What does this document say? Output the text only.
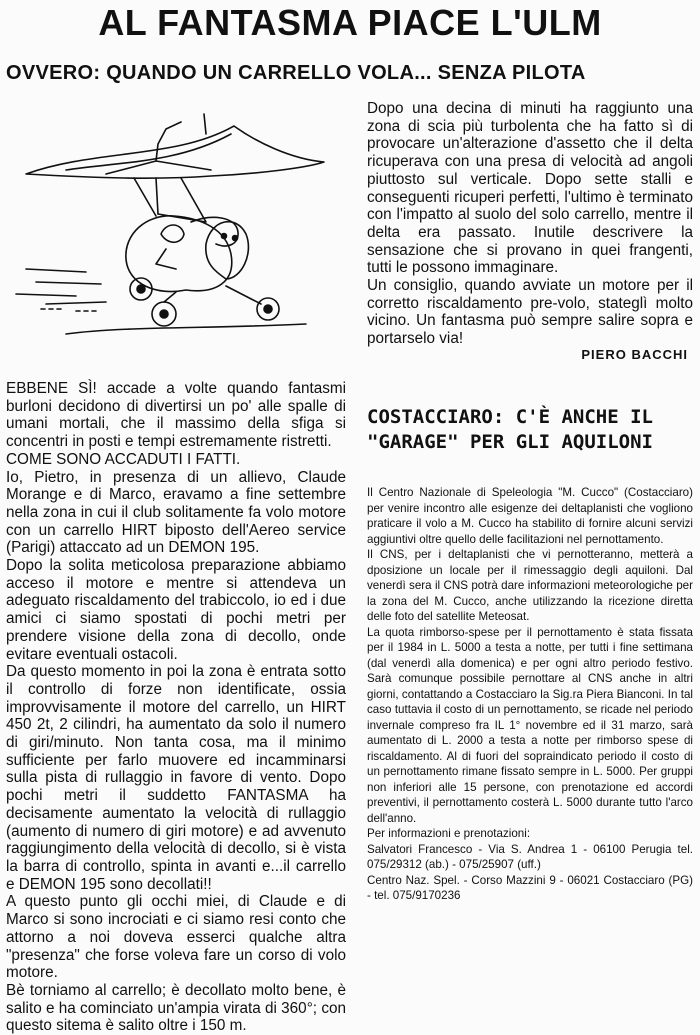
AL FANTASMA PIACE L'ULM
OVVERO: QUANDO UN CARRELLO VOLA... SENZA PILOTA

EBBENE SÌ! accade a volte quando fantasmi burloni decidono di divertirsi un po' alle spalle di umani mortali, che il massimo della sfiga si concentri in posti e tempi estremamente ristretti.

COME SONO ACCADUTI I FATTI.

Io, Pietro, in presenza di un allievo, Claude Morange e di Marco, eravamo a fine settembre nella zona in cui il club solitamente fa volo motore con un carrello HIRT biposto dell'Aereo service (Parigi) attaccato ad un DEMON 195.

Dopo la solita meticolosa preparazione abbiamo acceso il motore e mentre si attendeva un adeguato riscaldamento del trabiccolo, io ed i due amici ci siamo spostati di pochi metri per prendere visione della zona di decollo, onde evitare eventuali ostacoli.

Da questo momento in poi la zona è entrata sotto il controllo di forze non identificate, ossia improvvisamente il motore del carrello, un HIRT 450 2t, 2 cilindri, ha aumentato da solo il numero di giri/minuto. Non tanta cosa, ma il minimo sufficiente per farlo muovere ed incamminarsi sulla pista di rullaggio in favore di vento. Dopo pochi metri il suddetto FANTASMA ha decisamente aumentato la velocità di rullaggio (aumento di numero di giri motore) e ad avvenuto raggiungimento della velocità di decollo, si è vista la barra di controllo, spinta in avanti e...il carrello e DEMON 195 sono decollati!!

A questo punto gli occhi miei, di Claude e di Marco si sono incrociati e ci siamo resi conto che attorno a noi doveva esserci qualche altra "presenza" che forse voleva fare un corso di volo motore.

Bè torniamo al carrello; è decollato molto bene, è salito e ha cominciato un'ampia virata di 360°; con questo sitema è salito oltre i 150 m.

Dopo una decina di minuti ha raggiunto una zona di scia più turbolenta che ha fatto sì di provocare un'alterazione d'assetto che il delta ricuperava con una presa di velocità ad angoli piuttosto sul verticale. Dopo sette stalli e conseguenti ricuperi perfetti, l'ultimo è terminato con l'impatto al suolo del solo carrello, mentre il delta era passato. Inutile descrivere la sensazione che si provano in quei frangenti, tutti le possono immaginare.

Un consiglio, quando avviate un motore per il corretto riscaldamento pre-volo, stateglì molto vicino. Un fantasma può sempre salire sopra e portarselo via!

PIERO BACCHI
COSTACCIARO: C'È ANCHE IL "GARAGE" PER GLI AQUILONI

Il Centro Nazionale di Speleologia "M. Cucco" (Costacciaro) per venire incontro alle esigenze dei deltaplanisti che vogliono praticare il volo a M. Cucco ha stabilito di fornire alcuni servizi aggiuntivi oltre quello delle facilitazioni nel pernottamento.

Il CNS, per i deltaplanisti che vi pernotteranno, metterà a dposizione un locale per il rimessaggio degli aquiloni. Dal venerdì sera il CNS potrà dare informazioni meteorologiche per la zona del M. Cucco, anche utilizzando la ricezione diretta delle foto del satellite Meteosat.

La quota rimborso-spese per il pernottamento è stata fissata per il 1984 in L. 5000 a testa a notte, per tutti i fine settimana (dal venerdì alla domenica) e per ogni altro periodo festivo. Sarà comunque possibile pernottare al CNS anche in altri giorni, contattando a Costacciaro la Sig.ra Piera Bianconi. In tal caso tuttavia il costo di un pernottamento, se ricade nel periodo invernale compreso fra IL 1° novembre ed il 31 marzo, sarà aumentato di L. 2000 a testa a notte per rimborso spese di riscaldamento. Al di fuori del sopraindicato periodo il costo di un pernottamento rimane fissato sempre in L. 5000. Per gruppi non inferiori alle 15 persone, con prenotazione ed accordi preventivi, il pernottamento costerà L. 5000 durante tutto l'arco dell'anno.

Per informazioni e prenotazioni:

Salvatori Francesco - Via S. Andrea 1 - 06100 Perugia tel. 075/29312 (ab.) - 075/25907 (uff.)

Centro Naz. Spel. - Corso Mazzini 9 - 06021 Costacciaro (PG) - tel. 075/9170236
